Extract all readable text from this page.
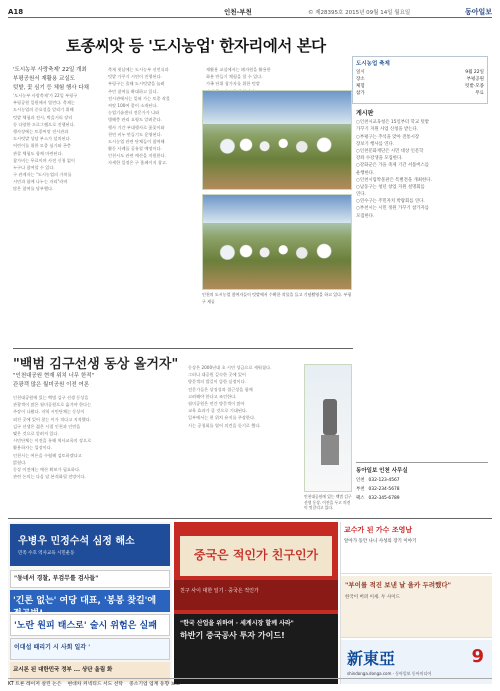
A18	인천-부천	© 제28395호 2015년 09월 14일 월요일	동아일보
토종씨앗 등 '도시농업' 한자리에서 본다
'도시농부 사랑축제' 22일 개최
부평공원서 재활용 교실도
텃밭, 꽃 심기 등 체험 행사 다채
도시농업 축제
일시	9월 22일
장소	부평공원
체험	텃밭·모종
참가	무료
'도시농부 사랑축제'가 22일 부평구
부평공원 일원에서 열린다. 축제는
도시농업의 중요성을 알리기 위해
텃밭 체험과 전시, 먹을거리 장터
등 다양한 프로그램으로 진행된다.
행사장에는 토종씨앗 전시관과
도시텃밭 상담 부스가 설치된다.
어린이를 위한 모종 심기와 곤충
관찰 체험도 함께 마련된다.
참가비는 무료이며 사전 신청 없이
누구나 참여할 수 있다.
구 관계자는 "도시농업의 가치를
시민과 함께 나누는 자리"라며
많은 참여를 당부했다.
축제 첫날에는 도시농부 선언식과
텃밭 가꾸기 시연이 진행된다.
부평구는 올해 도시텃밭을 늘려
주민 참여를 확대하고 있다.
전시관에서는 잊혀 가는 토종 작물
씨앗 100여 종이 소개된다.
농업기술센터 전문가가 나와
병해충 관리 요령도 알려준다.
행사 기간 부대행사로 꽃꽂이와
천연 비누 만들기도 운영된다.
도시농업 관련 단체들이 참여해
활동 사례를 공유할 예정이다.
인천시도 관련 예산을 지원한다.
자세한 일정은 구 홈페이지 참고.
재활용 교실에서는 폐자원을 활용한
화분 만들기 체험을 할 수 있다.
가족 단위 참가자를 위한 텃밭
인천의 도시농업 참여자들이 텃밭에서 수확한 작물을 들고 기념촬영을 하고 있다. 부평구 제공
게시판
○인천시교육청은 15일부터 학교 텃밭
가꾸기 지원 사업 신청을 받는다.
○부평구는 추석을 맞아 전통시장
장보기 행사를 연다.
○인천문화재단은 시민 대상 인문학
강좌 수강생을 모집한다.
○강화군은 가을 축제 기간 셔틀버스를
운행한다.
○인천시립박물관은 특별전을 개최한다.
○남동구는 청년 창업 지원 설명회를
연다.
○연수구는 주민자치 박람회를 연다.
○부천시는 시민 정원 가꾸기 참가자를
모집한다.
동아일보 인천 사무실
인천 032-123-4567
부천 032-234-5678
팩스 032-345-6789
"백범 김구선생 동상 올거자"
"인천대공원 현재 위치 너무 한적"
관광객 많은 월미공원 이전 여론
인천대공원에 있는 백범 김구 선생 동상을
관광객이 많은 월미공원으로 옮겨야 한다는
주장이 나왔다. 지역 시민단체는 동상이
외진 곳에 있어 찾는 이가 적다고 지적했다.
김구 선생은 젊은 시절 인천과 인연을
맺은 것으로 알려져 있다.
시민단체는 이전을 통해 역사교육의 장으로
활용하자는 입장이다.
인천시는 여론을 수렴해 검토하겠다고
밝혔다.
동상 이전에는 예산 확보가 필요하다.
관련 논의는 다음 달 본격화될 전망이다.
동상은 2000년대 초 시민 성금으로 세워졌다.
그러나 대공원 깊숙한 곳에 있어
방문객의 발길이 뜸한 실정이다.
전문가들은 상징성과 접근성을 함께
고려해야 한다고 조언한다.
월미공원은 연간 방문객이 많아
교육 효과가 클 것으로 기대된다.
일부에서는 현 위치 유지를 주장한다.
시는 공청회를 열어 의견을 듣기로 했다.
인천대공원에 있는 백범 김구 선생 동상. 이전을 두고 의견이 엇갈리고 있다.
우병우 민정수석 심정 해소
민족 수호 역사교육 시민운동
"동네서 경찰, 부검무를 검사들"
'긴론 없는' 여당 대표, '봉봉 찾길'에
'노란 원피 태스로' 술시 위험은 실패
이대섭 때리기 시 사회 일각 '
교시론 된 대한민국 정부 ... 상단 올림 화
중국은 적인가 친구인가
친구 사이 대한 일기 · 중국은 적인가
"한국 산업을 위하여 · 세계시장 할께 사라"
하반기 중국공사 투자 가이드!
교수가 된 가수 조영남
알아가 동안 나니 사성의 장기 이야기
"부이를 적진 보낸 날 울카 두려했다"
한국이 버퍼 이세. 두 사이드
新東亞	9
shindonga.donga.com · 동아일보 동아미디어
KT 트론 레이저 살린 논은 현대차 커넥티드 서도 선탁 중소기업 업계 동향 보고
